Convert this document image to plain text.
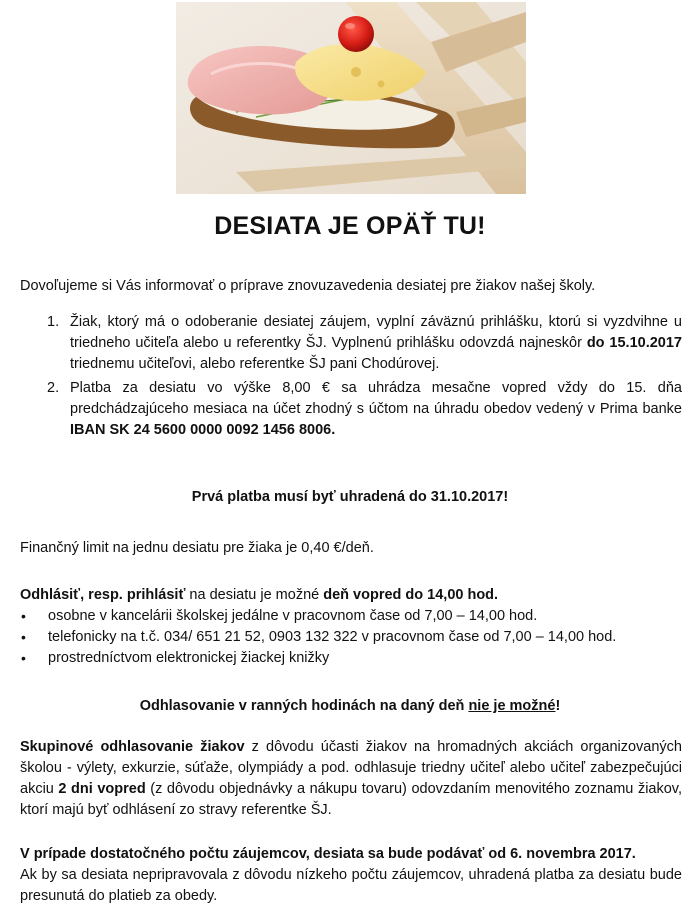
DESIATA JE OPÄŤ TU!

Dovoľujeme si Vás informovať o príprave znovuzavedenia desiatej pre žiakov našej školy.

1. Žiak, ktorý má o odoberanie desiatej záujem, vyplní záväznú prihlášku, ktorú si vyzdvihne u triedneho učiteľa alebo u referentky ŠJ. Vyplnenú prihlášku odovzdá najneskôr do 15.10.2017 triednemu učiteľovi, alebo referentke ŠJ pani Chodúrovej.
2. Platba za desiatu vo výške 8,00 € sa uhrádza mesačne vopred vždy do 15. dňa predchádzajúceho mesiaca na účet zhodný s účtom na úhradu obedov vedený v Prima banke IBAN SK 24 5600 0000 0092 1456 8006.

Prvá platba musí byť uhradená do 31.10.2017!

Finančný limit na jednu desiatu pre žiaka je 0,40 €/deň.

Odhlásiť, resp. prihlásiť na desiatu je možné deň vopred do 14,00 hod.

• osobne v kancelárii školskej jedálne v pracovnom čase od 7,00 – 14,00 hod.
• telefonicky na t.č. 034/ 651 21 52, 0903 132 322 v pracovnom čase od 7,00 – 14,00 hod.
• prostredníctvom elektronickej žiackej knižky

Odhlasovanie v ranných hodinách na daný deň nie je možné!

Skupinové odhlasovanie žiakov z dôvodu účasti žiakov na hromadných akciách organizovaných školou - výlety, exkurzie, súťaže, olympiády a pod. odhlasuje triedny učiteľ alebo učiteľ zabezpečujúci akciu 2 dni vopred (z dôvodu objednávky a nákupu tovaru) odovzdaním menovitého zoznamu žiakov, ktorí majú byť odhlásení zo stravy referentke ŠJ.

V prípade dostatočného počtu záujemcov, desiata sa bude podávať od 6. novembra 2017.
Ak by sa desiata nepripravovala z dôvodu nízkeho počtu záujemcov, uhradená platba za desiatu bude presunutá do platieb za obedy.
